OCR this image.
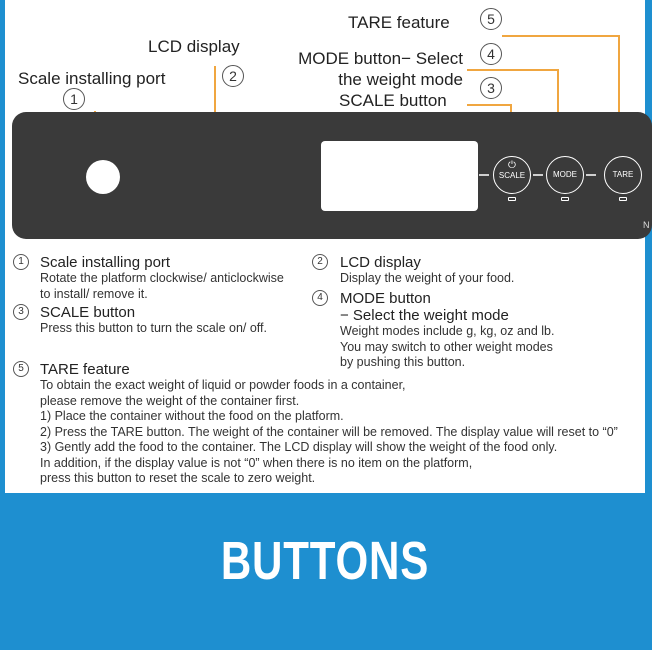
TARE feature	5
LCD display
2
MODE button− Select
the weight mode
4
Scale installing port
1	SCALE button
3
⏻
SCALE	MODE	TARE
N
1	Scale installing port
Rotate the platform clockwise/ anticlockwise
to install/ remove it.
3	SCALE button
Press this button to turn the scale on/ off.
2	LCD display
Display the weight of your food.
4	MODE button
− Select the weight mode
Weight modes include g, kg, oz and lb.
You may switch to other weight modes
by pushing this button.
5	TARE feature
To obtain the exact weight of liquid or powder foods in a container,
please remove the weight of the container first.
1) Place the container without the food on the platform.
2) Press the TARE button. The weight of the container will be removed. The display value will reset to “0”
3) Gently add the food to the container. The LCD display will show the weight of the food only.
In addition, if the display value is not “0” when there is no item on the platform,
press this button to reset the scale to zero weight.
BUTTONS
